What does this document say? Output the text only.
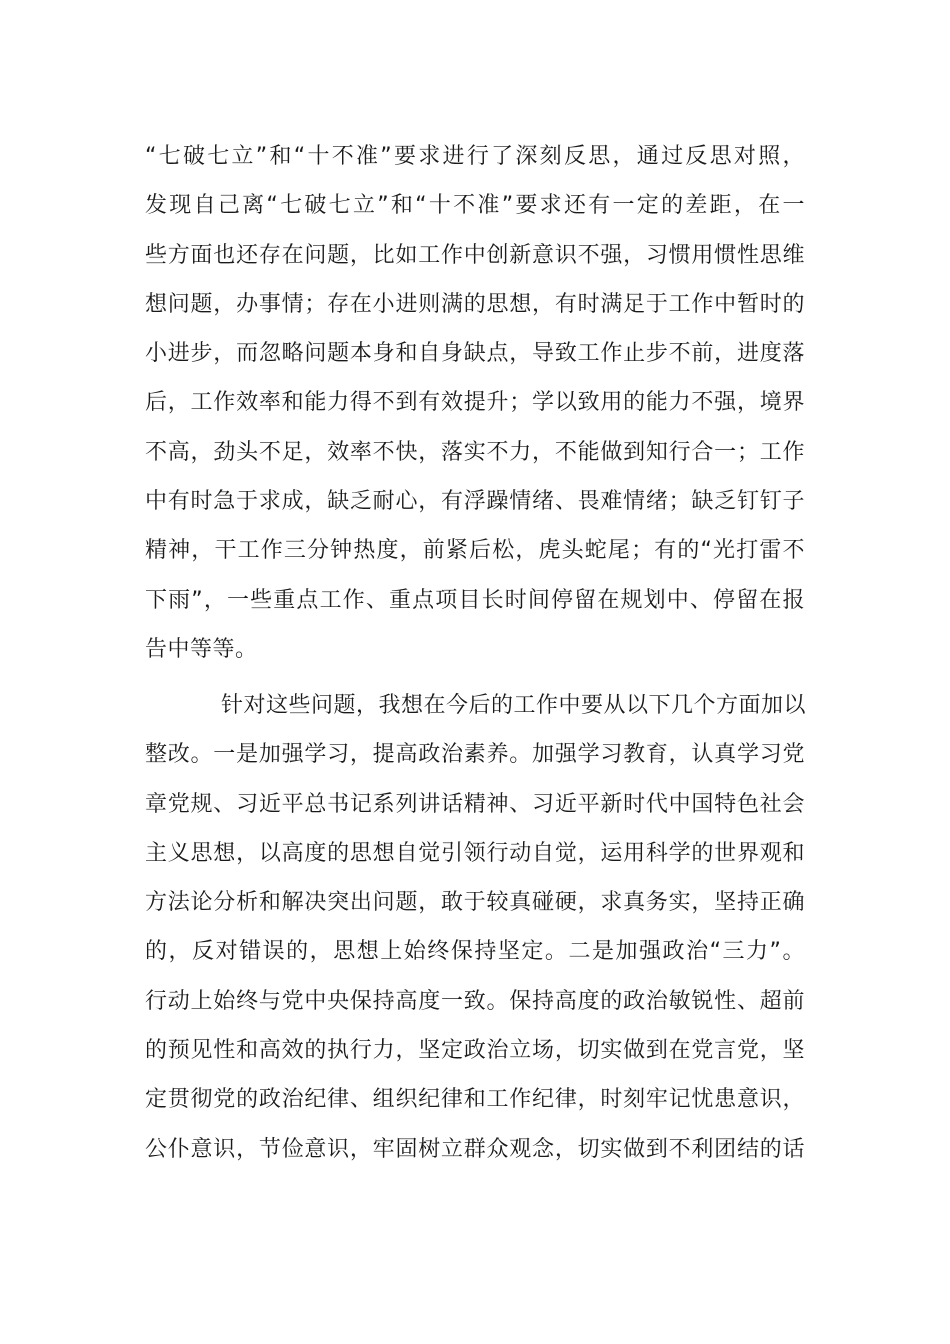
“七破七立”和“十不准”要求进行了深刻反思，通过反思对照，
发现自己离“七破七立”和“十不准”要求还有一定的差距，在一
些方面也还存在问题，比如工作中创新意识不强，习惯用惯性思维
想问题，办事情；存在小进则满的思想，有时满足于工作中暂时的
小进步，而忽略问题本身和自身缺点，导致工作止步不前，进度落
后，工作效率和能力得不到有效提升；学以致用的能力不强，境界
不高，劲头不足，效率不快，落实不力，不能做到知行合一；工作
中有时急于求成，缺乏耐心，有浮躁情绪、畏难情绪；缺乏钉钉子
精神，干工作三分钟热度，前紧后松，虎头蛇尾；有的“光打雷不
下雨”，一些重点工作、重点项目长时间停留在规划中、停留在报
告中等等。
针对这些问题，我想在今后的工作中要从以下几个方面加以
整改。一是加强学习，提高政治素养。加强学习教育，认真学习党
章党规、习近平总书记系列讲话精神、习近平新时代中国特色社会
主义思想，以高度的思想自觉引领行动自觉，运用科学的世界观和
方法论分析和解决突出问题，敢于较真碰硬，求真务实，坚持正确
的，反对错误的，思想上始终保持坚定。二是加强政治“三力”。
行动上始终与党中央保持高度一致。保持高度的政治敏锐性、超前
的预见性和高效的执行力，坚定政治立场，切实做到在党言党，坚
定贯彻党的政治纪律、组织纪律和工作纪律，时刻牢记忧患意识，
公仆意识，节俭意识，牢固树立群众观念，切实做到不利团结的话
